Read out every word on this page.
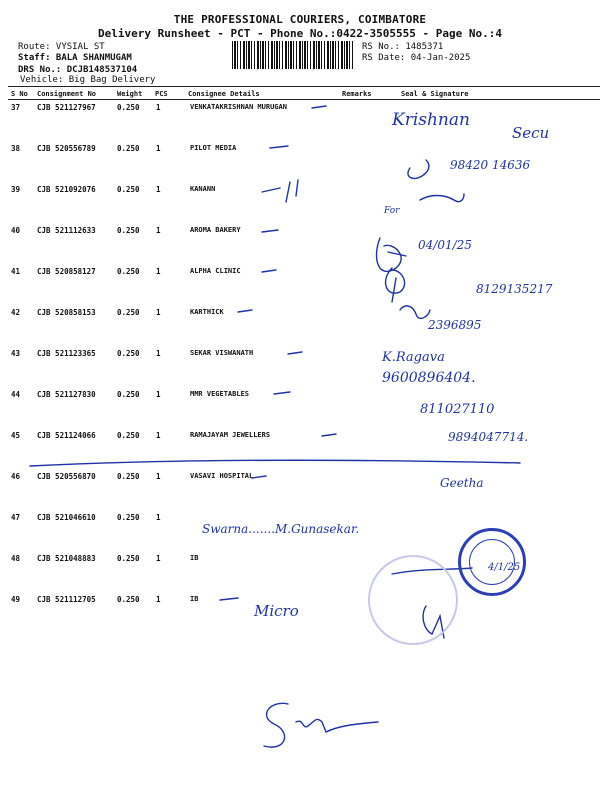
THE PROFESSIONAL COURIERS, COIMBATORE
Delivery Runsheet - PCT - Phone No.:0422-3505555 - Page No.:4
Route: VYSIAL ST
Staff: BALA SHANMUGAM
DRS No.: DCJB148537104
Vehicle: Big Bag Delivery
RS No.: 1485371
RS Date: 04-Jan-2025
S No Consignment No	Weight PCS	Consignee Details	Remarks	Seal & Signature
37 CJB 521127967	0.250 1	VENKATAKRISHNAN MURUGAN
38 CJB 520556789	0.250 1	PILOT MEDIA
39 CJB 521092076	0.250 1	KANANN
40 CJB 521112633	0.250 1	AROMA BAKERY
41 CJB 520858127	0.250 1	ALPHA CLINIC
42 CJB 520858153	0.250 1	KARTHICK
43 CJB 521123365	0.250 1	SEKAR VISWANATH
44 CJB 521127830	0.250 1	MMR VEGETABLES
45 CJB 521124066	0.250 1	RAMAJAYAM JEWELLERS
46 CJB 520556870	0.250 1	VASAVI HOSPITAL
47 CJB 521046610	0.250 1
48 CJB 521048883	0.250 1	IB
49 CJB 521112705	0.250 1	IB
Krishnan
Secu
98420 14636
For
04/01/25
8129135217
2396895
K.Ragava
9600896404.
811027110
9894047714.
Geetha
Swarna.......M.Gunasekar.
4/1/25
Micro
